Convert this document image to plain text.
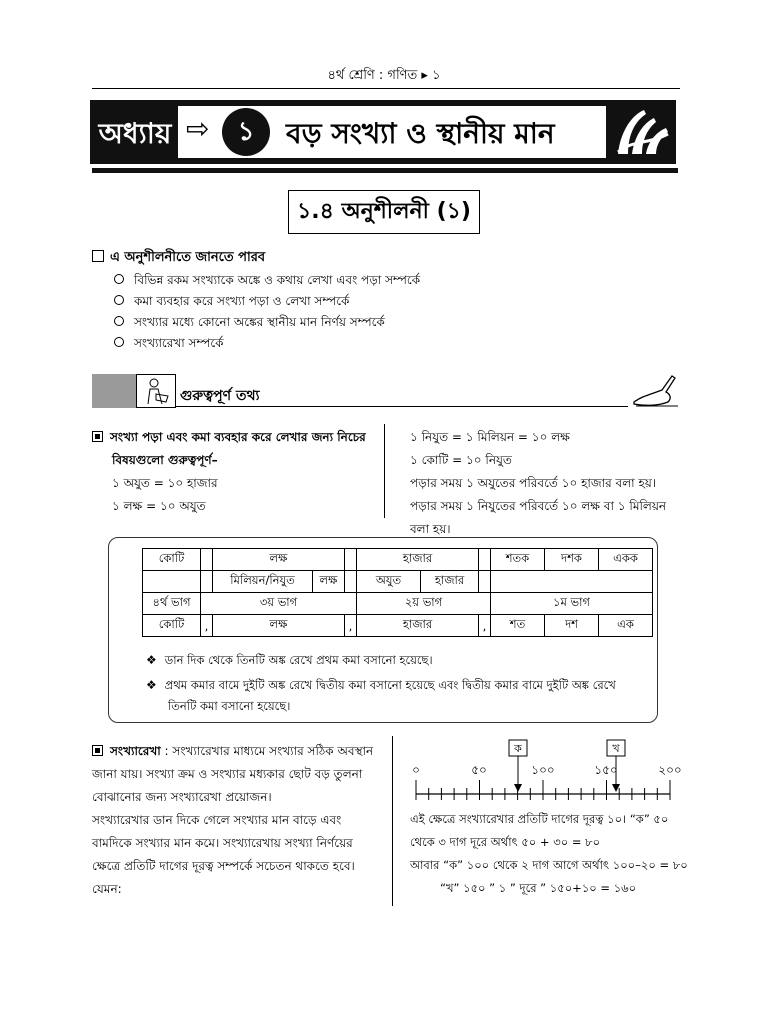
৪র্থ শ্রেণি : গণিত ▸ ১
অধ্যায় ⇨	১	বড় সংখ্যা ও স্থানীয় মান
১.৪ অনুশীলনী (১)
এ অনুশীলনীতে জানতে পারব
বিভিন্ন রকম সংখ্যাকে অঙ্কে ও কথায় লেখা এবং পড়া সম্পর্কে
কমা ব্যবহার করে সংখ্যা পড়া ও লেখা সম্পর্কে
সংখ্যার মধ্যে কোনো অঙ্কের স্থানীয় মান নির্ণয় সম্পর্কে
সংখ্যারেখা সম্পর্কে
গুরুত্বপূর্ণ তথ্য
সংখ্যা পড়া এবং কমা ব্যবহার করে লেখার জন্য নিচের
বিষয়গুলো গুরুত্বপূর্ণ–
১ অযুত = ১০ হাজার
১ লক্ষ = ১০ অযুত
১ নিযুত = ১ মিলিয়ন = ১০ লক্ষ
১ কোটি = ১০ নিযুত
পড়ার সময় ১ অযুতের পরিবর্তে ১০ হাজার বলা হয়।
পড়ার সময় ১ নিযুতের পরিবর্তে ১০ লক্ষ বা ১ মিলিয়ন বলা হয়।
কোটি		লক্ষ			হাজার			শতক	দশক	একক
		মিলিয়ন/নিযুত	লক্ষ		অযুত	হাজার				
৪র্থ ভাগ	৩য় ভাগ				২য় ভাগ			১ম ভাগ		
কোটি	,	লক্ষ		,	হাজার		,	শত	দশ	এক
❖ ডান দিক থেকে তিনটি অঙ্ক রেখে প্রথম কমা বসানো হয়েছে।
❖ প্রথম কমার বামে দুইটি অঙ্ক রেখে দ্বিতীয় কমা বসানো হয়েছে এবং দ্বিতীয় কমার বামে দুইটি অঙ্ক রেখে
তিনটি কমা বসানো হয়েছে।
সংখ্যারেখা : সংখ্যারেখার মাধ্যমে সংখ্যার সঠিক অবস্থান
জানা যায়। সংখ্যা ক্রম ও সংখ্যার মধ্যকার ছোট বড় তুলনা
বোঝানোর জন্য সংখ্যারেখা প্রয়োজন।
সংখ্যারেখার ডান দিকে গেলে সংখ্যার মান বাড়ে এবং
বামদিকে সংখ্যার মান কমে। সংখ্যারেখায় সংখ্যা নির্ণয়ের
ক্ষেত্রে প্রতিটি দাগের দূরত্ব সম্পর্কে সচেতন থাকতে হবে।
যেমন:
০	৫০	১০০	১৫০	২০০
ক	খ
এই ক্ষেত্রে সংখ্যারেখার প্রতিটি দাগের দূরত্ব ১০। “ক” ৫০
থেকে ৩ দাগ দূরে অর্থাৎ ৫০ + ৩০ = ৮০
আবার “ক” ১০০ থেকে ২ দাগ আগে অর্থাৎ ১০০–২০ = ৮০
“খ” ১৫০ ” ১ ” দূরে ” ১৫০+১০ = ১৬০
